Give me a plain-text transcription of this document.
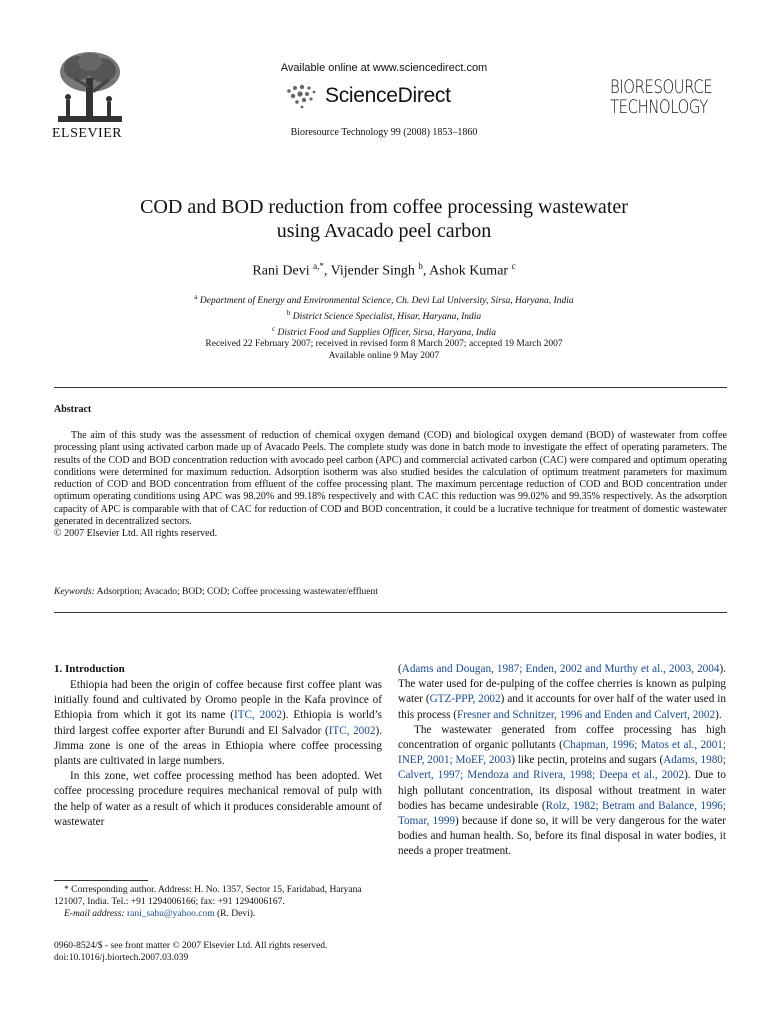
ELSEVIER
Available online at www.sciencedirect.com
ScienceDirect
Bioresource Technology 99 (2008) 1853–1860
BIORESOURCE
TECHNOLOGY
COD and BOD reduction from coffee processing wastewater
using Avacado peel carbon
Rani Devi $^{a,*}$, Vijender Singh $^b$, Ashok Kumar $^c$
$^a$ Department of Energy and Environmental Science, Ch. Devi Lal University, Sirsa, Haryana, India
$^b$ District Science Specialist, Hisar, Haryana, India
$^c$ District Food and Supplies Officer, Sirsa, Haryana, India
Received 22 February 2007; received in revised form 8 March 2007; accepted 19 March 2007
Available online 9 May 2007
Abstract

The aim of this study was the assessment of reduction of chemical oxygen demand (COD) and biological oxygen demand (BOD) of wastewater from coffee processing plant using activated carbon made up of Avacado Peels. The complete study was done in batch mode to investigate the effect of operating parameters. The results of the COD and BOD concentration reduction with avocado peel carbon (APC) and commercial activated carbon (CAC) were compared and optimum operating conditions were determined for maximum reduction. Adsorption isotherm was also studied besides the calculation of optimum treatment parameters for maximum reduction of COD and BOD concentration from effluent of the coffee processing plant. The maximum percentage reduction of COD and BOD concentration under optimum operating conditions using APC was 98.20% and 99.18% respectively and with CAC this reduction was 99.02% and 99.35% respectively. As the adsorption capacity of APC is comparable with that of CAC for reduction of COD and BOD concentration, it could be a lucrative technique for treatment of domestic wastewater generated in decentralized sectors.

© 2007 Elsevier Ltd. All rights reserved.
Keywords: Adsorption; Avacado; BOD; COD; Coffee processing wastewater/effluent
1. Introduction

Ethiopia had been the origin of coffee because first coffee plant was initially found and cultivated by Oromo people in the Kafa province of Ethiopia from which it got its name (ITC, 2002). Ethiopia is world’s third largest coffee exporter after Burundi and El Salvador (ITC, 2002). Jimma zone is one of the areas in Ethiopia where coffee processing plants are cultivated in large numbers.

In this zone, wet coffee processing method has been adopted. Wet coffee processing procedure requires mechanical removal of pulp with the help of water as a result of which it produces considerable amount of wastewater

(Adams and Dougan, 1987; Enden, 2002 and Murthy et al., 2003, 2004). The water used for de-pulping of the coffee cherries is known as pulping water (GTZ-PPP, 2002) and it accounts for over half of the water used in this process (Fresner and Schnitzer, 1996 and Enden and Calvert, 2002).

The wastewater generated from coffee processing has high concentration of organic pollutants (Chapman, 1996; Matos et al., 2001; INEP, 2001; MoEF, 2003) like pectin, proteins and sugars (Adams, 1980; Calvert, 1997; Mendoza and Rivera, 1998; Deepa et al., 2002). Due to high pollutant concentration, its disposal without treatment in water bodies has became undesirable (Rolz, 1982; Betram and Balance, 1996; Tomar, 1999) because if done so, it will be very dangerous for the water bodies and human health. So, before its final disposal in water bodies, it needs a proper treatment.

* Corresponding author. Address: H. No. 1357, Sector 15, Faridabad, Haryana 121007, India. Tel.: +91 1294006166; fax: +91 1294006167.

E-mail address: rani_sahu@yahoo.com (R. Devi).

0960-8524/$ - see front matter © 2007 Elsevier Ltd. All rights reserved.

doi:10.1016/j.biortech.2007.03.039
